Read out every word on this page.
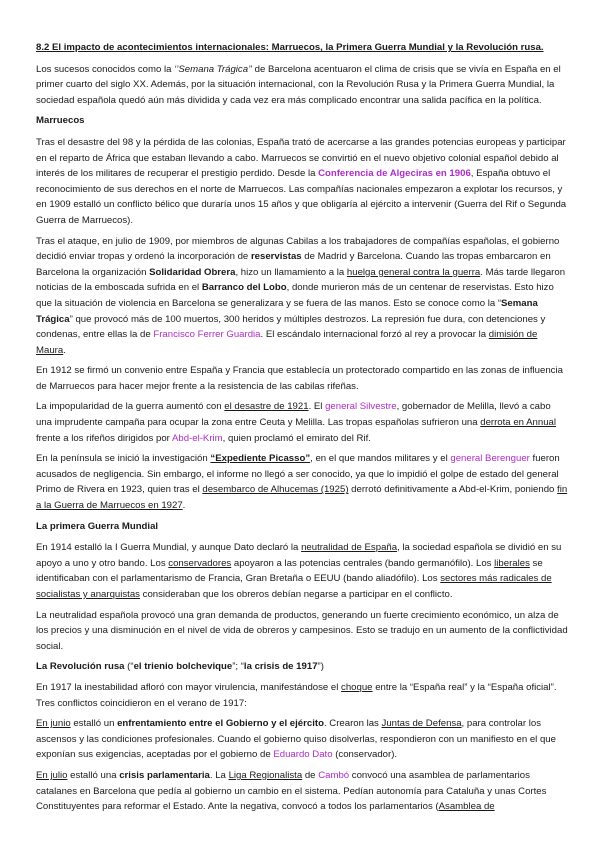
8.2 El impacto de acontecimientos internacionales: Marruecos, la Primera Guerra Mundial y la Revolución rusa.

Los sucesos conocidos como la ‘’Semana Trágica’’ de Barcelona acentuaron el clima de crisis que se vivía en España en el primer cuarto del siglo XX. Además, por la situación internacional, con la Revolución Rusa y la Primera Guerra Mundial, la sociedad española quedó aún más dividida y cada vez era más complicado encontrar una salida pacífica en la política.

Marruecos

Tras el desastre del 98 y la pérdida de las colonias, España trató de acercarse a las grandes potencias europeas y participar en el reparto de África que estaban llevando a cabo. Marruecos se convirtió en el nuevo objetivo colonial español debido al interés de los militares de recuperar el prestigio perdido. Desde la Conferencia de Algeciras en 1906, España obtuvo el reconocimiento de sus derechos en el norte de Marruecos. Las compañías nacionales empezaron a explotar los recursos, y en 1909 estalló un conflicto bélico que duraría unos 15 años y que obligaría al ejército a intervenir (Guerra del Rif o Segunda Guerra de Marruecos).

Tras el ataque, en julio de 1909, por miembros de algunas Cabilas a los trabajadores de compañías españolas, el gobierno decidió enviar tropas y ordenó la incorporación de reservistas de Madrid y Barcelona. Cuando las tropas embarcaron en Barcelona la organización Solidaridad Obrera, hizo un llamamiento a la huelga general contra la guerra. Más tarde llegaron noticias de la emboscada sufrida en el Barranco del Lobo, donde murieron más de un centenar de reservistas. Esto hizo que la situación de violencia en Barcelona se generalizara y se fuera de las manos. Esto se conoce como la “Semana Trágica” que provocó más de 100 muertos, 300 heridos y múltiples destrozos. La represión fue dura, con detenciones y condenas, entre ellas la de Francisco Ferrer Guardia. El escándalo internacional forzó al rey a provocar la dimisión de Maura.

En 1912 se firmó un convenio entre España y Francia que establecía un protectorado compartido en las zonas de influencia de Marruecos para hacer mejor frente a la resistencia de las cabilas rifeñas.

La impopularidad de la guerra aumentó con el desastre de 1921. El general Silvestre, gobernador de Melilla, llevó a cabo una imprudente campaña para ocupar la zona entre Ceuta y Melilla. Las tropas españolas sufrieron una derrota en Annual frente a los rifeños dirigidos por Abd-el-Krim, quien proclamó el emirato del Rif.

En la península se inició la investigación “Expediente Picasso”, en el que mandos militares y el general Berenguer fueron acusados de negligencia. Sin embargo, el informe no llegó a ser conocido, ya que lo impidió el golpe de estado del general Primo de Rivera en 1923, quien tras el desembarco de Alhucemas (1925) derrotó definitivamente a Abd-el-Krim, poniendo fin a la Guerra de Marruecos en 1927.

La primera Guerra Mundial

En 1914 estalló la I Guerra Mundial, y aunque Dato declaró la neutralidad de España, la sociedad española se dividió en su apoyo a uno y otro bando. Los conservadores apoyaron a las potencias centrales (bando germanófilo). Los liberales se identificaban con el parlamentarismo de Francia, Gran Bretaña o EEUU (bando aliadófilo). Los sectores más radicales de socialistas y anarquistas consideraban que los obreros debían negarse a participar en el conflicto.

La neutralidad española provocó una gran demanda de productos, generando un fuerte crecimiento económico, un alza de los precios y una disminución en el nivel de vida de obreros y campesinos. Esto se tradujo en un aumento de la conflictividad social.

La Revolución rusa (“el trienio bolchevique”; “la crisis de 1917”)

En 1917 la inestabilidad afloró con mayor virulencia, manifestándose el choque entre la “España real” y la “España oficial”. Tres conflictos coincidieron en el verano de 1917:

En junio estalló un enfrentamiento entre el Gobierno y el ejército. Crearon las Juntas de Defensa, para controlar los ascensos y las condiciones profesionales. Cuando el gobierno quiso disolverlas, respondieron con un manifiesto en el que exponían sus exigencias, aceptadas por el gobierno de Eduardo Dato (conservador).

En julio estalló una crisis parlamentaria. La Liga Regionalista de Cambó convocó una asamblea de parlamentarios catalanes en Barcelona que pedía al gobierno un cambio en el sistema. Pedían autonomía para Cataluña y unas Cortes Constituyentes para reformar el Estado. Ante la negativa, convocó a todos los parlamentarios (Asamblea de
